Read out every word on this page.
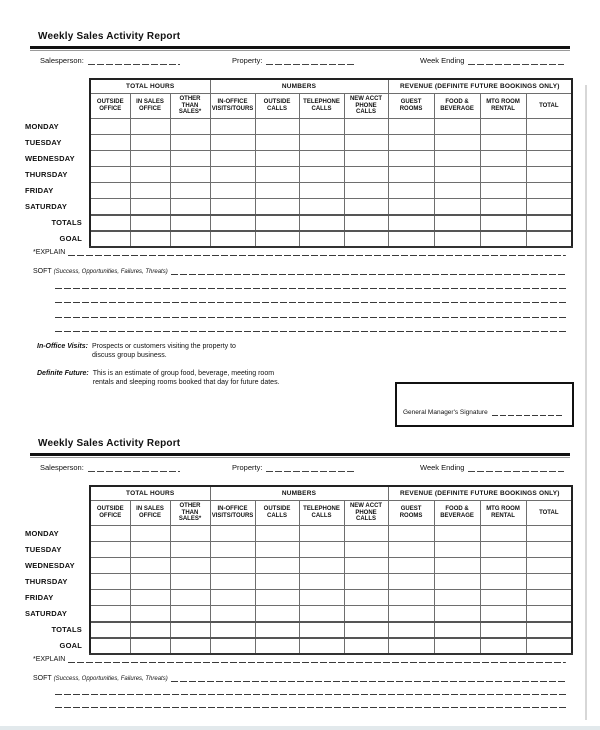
Weekly Sales Activity Report
Salesperson:	Property:	Week Ending
	TOTAL HOURS			NUMBERS				REVENUE (DEFINITE FUTURE BOOKINGS ONLY)			
	OUTSIDE OFFICE	IN SALES OFFICE	OTHER THAN SALES*	IN-OFFICE VISITS/TOURS	OUTSIDE CALLS	TELEPHONE CALLS	NEW ACCT PHONE CALLS	GUEST ROOMS	FOOD & BEVERAGE	MTG ROOM RENTAL	TOTAL
MONDAY											
TUESDAY											
WEDNESDAY											
THURSDAY											
FRIDAY											
SATURDAY											
TOTALS											
GOAL											
*EXPLAIN
SOFT (Success, Opportunities, Failures, Threats)
In-Office Visits: Prospects or customers visiting the property to discuss group business.
Definite Future: This is an estimate of group food, beverage, meeting room rentals and sleeping rooms booked that day for future dates.
General Manager's Signature
Weekly Sales Activity Report
Salesperson:	Property:	Week Ending
	TOTAL HOURS			NUMBERS				REVENUE (DEFINITE FUTURE BOOKINGS ONLY)			
	OUTSIDE OFFICE	IN SALES OFFICE	OTHER THAN SALES*	IN-OFFICE VISITS/TOURS	OUTSIDE CALLS	TELEPHONE CALLS	NEW ACCT PHONE CALLS	GUEST ROOMS	FOOD & BEVERAGE	MTG ROOM RENTAL	TOTAL
MONDAY											
TUESDAY											
WEDNESDAY											
THURSDAY											
FRIDAY											
SATURDAY											
TOTALS											
GOAL											
*EXPLAIN
SOFT (Success, Opportunities, Failures, Threats)
